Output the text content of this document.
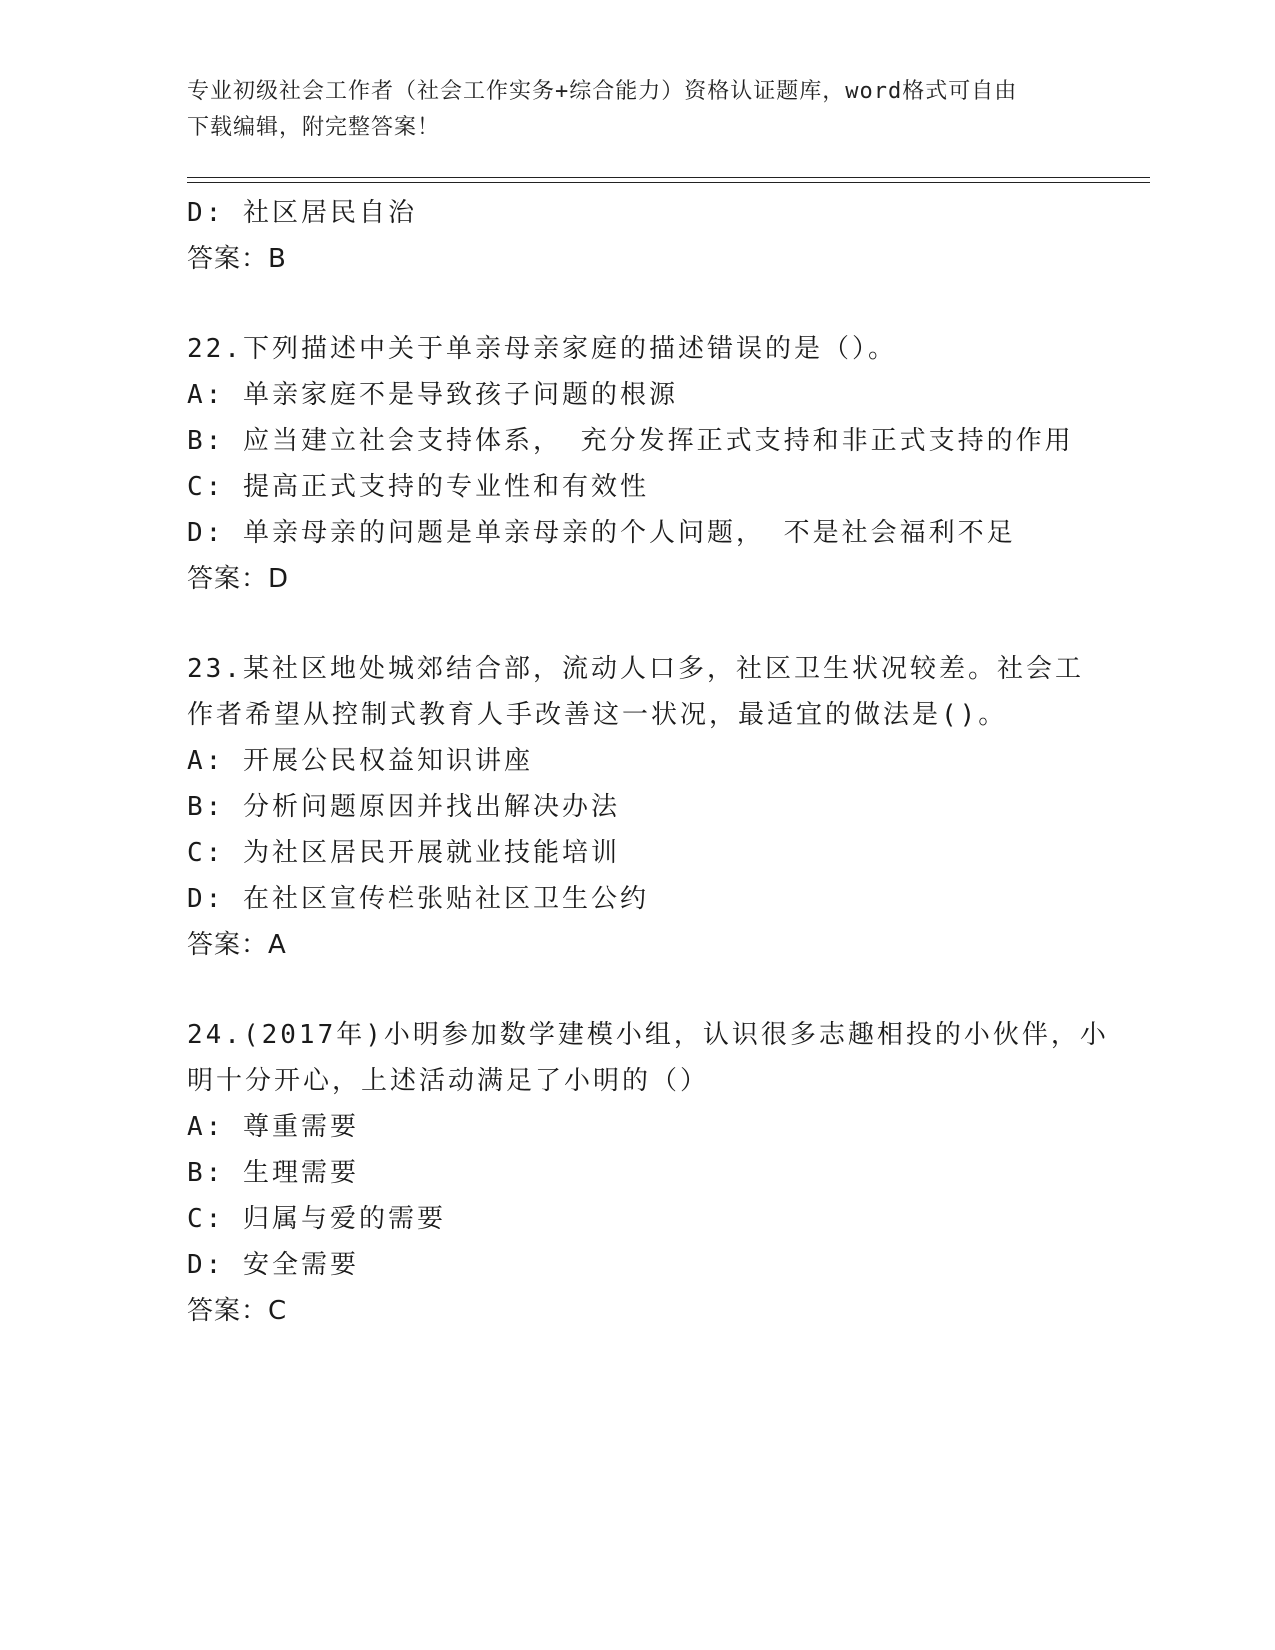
专业初级社会工作者（社会工作实务+综合能力）资格认证题库，word格式可自由
下载编辑，附完整答案！
D: 社区居民自治
答案：B
22.下列描述中关于单亲母亲家庭的描述错误的是（）。
A: 单亲家庭不是导致孩子问题的根源
B: 应当建立社会支持体系， 充分发挥正式支持和非正式支持的作用
C: 提高正式支持的专业性和有效性
D: 单亲母亲的问题是单亲母亲的个人问题， 不是社会福利不足
答案：D
23.某社区地处城郊结合部，流动人口多，社区卫生状况较差。社会工
作者希望从控制式教育人手改善这一状况，最适宜的做法是()。
A: 开展公民权益知识讲座
B: 分析问题原因并找出解决办法
C: 为社区居民开展就业技能培训
D: 在社区宣传栏张贴社区卫生公约
答案：A
24.(2017年)小明参加数学建模小组，认识很多志趣相投的小伙伴，小
明十分开心，上述活动满足了小明的（）
A: 尊重需要
B: 生理需要
C: 归属与爱的需要
D: 安全需要
答案：C
